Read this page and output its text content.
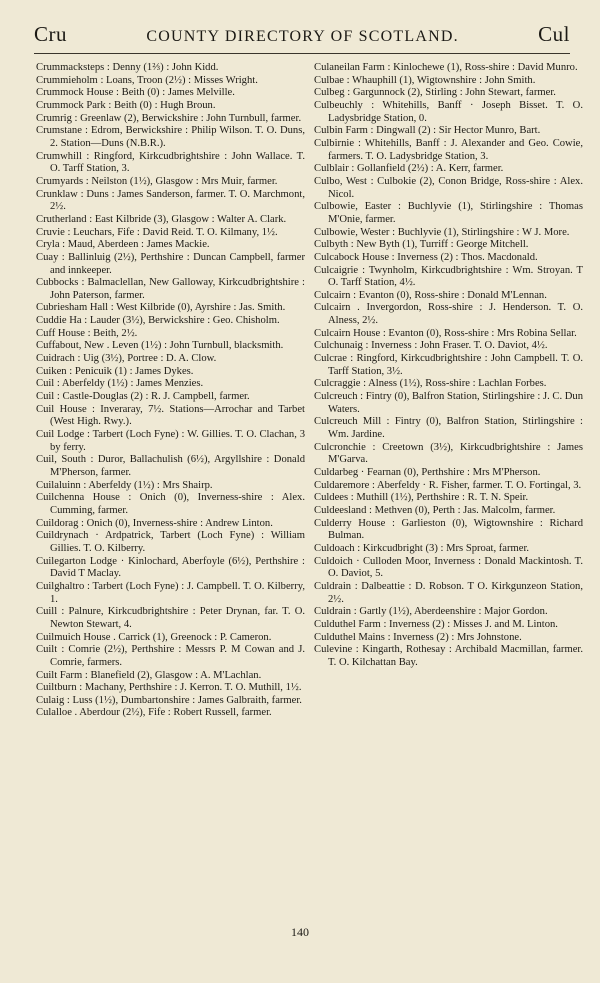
Cru	COUNTY DIRECTORY OF SCOTLAND.	Cul
Crummacksteps : Denny (1⅔) : John Kidd.
Crummieholm : Loans, Troon (2½) : Misses Wright.
Crummock House : Beith (0) : James Melville.
Crummock Park : Beith (0) : Hugh Broun.
Crumrig : Greenlaw (2), Berwickshire : John Turnbull, farmer.
Crumstane : Edrom, Berwickshire : Philip Wilson. T. O. Duns, 2. Station—Duns (N.B.R.).
Crumwhill : Ringford, Kirkcudbrightshire : John Wallace. T. O. Tarff Station, 3.
Crumyards : Neilston (1½), Glasgow : Mrs Muir, farmer.
Crunklaw : Duns : James Sanderson, farmer. T. O. Marchmont, 2½.
Crutherland : East Kilbride (3), Glasgow : Walter A. Clark.
Cruvie : Leuchars, Fife : David Reid. T. O. Kilmany, 1½.
Cryla : Maud, Aberdeen : James Mackie.
Cuay : Ballinluig (2½), Perthshire : Duncan Campbell, farmer and innkeeper.
Cubbocks : Balmaclellan, New Galloway, Kirkcudbrightshire : John Paterson, farmer.
Cubriesham Hall : West Kilbride (0), Ayrshire : Jas. Smith.
Cuddie Ha : Lauder (3½), Berwickshire : Geo. Chisholm.
Cuff House : Beith, 2½.
Cuffabout, New . Leven (1½) : John Turnbull, blacksmith.
Cuidrach : Uig (3½), Portree : D. A. Clow.
Cuiken : Penicuik (1) : James Dykes.
Cuil : Aberfeldy (1½) : James Menzies.
Cuil : Castle-Douglas (2) : R. J. Campbell, farmer.
Cuil House : Inveraray, 7½. Stations—Arrochar and Tarbet (West High. Rwy.).
Cuil Lodge : Tarbert (Loch Fyne) : W. Gillies. T. O. Clachan, 3 by ferry.
Cuil, South : Duror, Ballachulish (6½), Argyllshire : Donald M'Pherson, farmer.
Cuilaluinn : Aberfeldy (1½) : Mrs Shairp.
Cuilchenna House : Onich (0), Inverness-shire : Alex. Cumming, farmer.
Cuildorag : Onich (0), Inverness-shire : Andrew Linton.
Cuildrynach · Ardpatrick, Tarbert (Loch Fyne) : William Gillies. T. O. Kilberry.
Cuilegarton Lodge · Kinlochard, Aberfoyle (6½), Perthshire : David T Maclay.
Cuilghaltro : Tarbert (Loch Fyne) : J. Campbell. T. O. Kilberry, 1.
Cuill : Palnure, Kirkcudbrightshire : Peter Drynan, far. T. O. Newton Stewart, 4.
Cuilmuich House . Carrick (1), Greenock : P. Cameron.
Cuilt : Comrie (2½), Perthshire : Messrs P. M Cowan and J. Comrie, farmers.
Cuilt Farm : Blanefield (2), Glasgow : A. M'Lachlan.
Cuiltburn : Machany, Perthshire : J. Kerron. T. O. Muthill, 1½.
Culaig : Luss (1½), Dumbartonshire : James Galbraith, farmer.
Culalloe . Aberdour (2½), Fife : Robert Russell, farmer.
Culaneilan Farm : Kinlochewe (1), Ross-shire : David Munro.
Culbae : Whauphill (1), Wigtownshire : John Smith.
Culbeg : Gargunnock (2), Stirling : John Stewart, farmer.
Culbeuchly : Whitehills, Banff · Joseph Bisset. T. O. Ladysbridge Station, 0.
Culbin Farm : Dingwall (2) : Sir Hector Munro, Bart.
Culbirnie : Whitehills, Banff : J. Alexander and Geo. Cowie, farmers. T. O. Ladysbridge Station, 3.
Culblair : Gollanfield (2½) : A. Kerr, farmer.
Culbo, West : Culbokie (2), Conon Bridge, Ross-shire : Alex. Nicol.
Culbowie, Easter : Buchlyvie (1), Stirlingshire : Thomas M'Onie, farmer.
Culbowie, Wester : Buchlyvie (1), Stirlingshire : W J. More.
Culbyth : New Byth (1), Turriff : George Mitchell.
Culcabock House : Inverness (2) : Thos. Macdonald.
Culcaigrie : Twynholm, Kirkcudbrightshire : Wm. Stroyan. T O. Tarff Station, 4½.
Culcairn : Evanton (0), Ross-shire : Donald M'Lennan.
Culcairn . Invergordon, Ross-shire : J. Henderson. T. O. Alness, 2½.
Culcairn House : Evanton (0), Ross-shire : Mrs Robina Sellar.
Culchunaig : Inverness : John Fraser. T. O. Daviot, 4½.
Culcrae : Ringford, Kirkcudbrightshire : John Campbell. T. O. Tarff Station, 3½.
Culcraggie : Alness (1½), Ross-shire : Lachlan Forbes.
Culcreuch : Fintry (0), Balfron Station, Stirlingshire : J. C. Dun Waters.
Culcreuch Mill : Fintry (0), Balfron Station, Stirlingshire : Wm. Jardine.
Culcronchie : Creetown (3½), Kirkcudbrightshire : James M'Garva.
Culdarbeg · Fearnan (0), Perthshire : Mrs M'Pherson.
Culdaremore : Aberfeldy · R. Fisher, farmer. T. O. Fortingal, 3.
Culdees : Muthill (1½), Perthshire : R. T. N. Speir.
Culdeesland : Methven (0), Perth : Jas. Malcolm, farmer.
Culderry House : Garlieston (0), Wigtownshire : Richard Bulman.
Culdoach : Kirkcudbright (3) : Mrs Sproat, farmer.
Culdoich · Culloden Moor, Inverness : Donald Mackintosh. T. O. Daviot, 5.
Culdrain : Dalbeattie : D. Robson. T O. Kirkgunzeon Station, 2½.
Culdrain : Gartly (1½), Aberdeenshire : Major Gordon.
Culduthel Farm : Inverness (2) : Misses J. and M. Linton.
Culduthel Mains : Inverness (2) : Mrs Johnstone.
Culevine : Kingarth, Rothesay : Archibald Macmillan, farmer. T. O. Kilchattan Bay.
140
